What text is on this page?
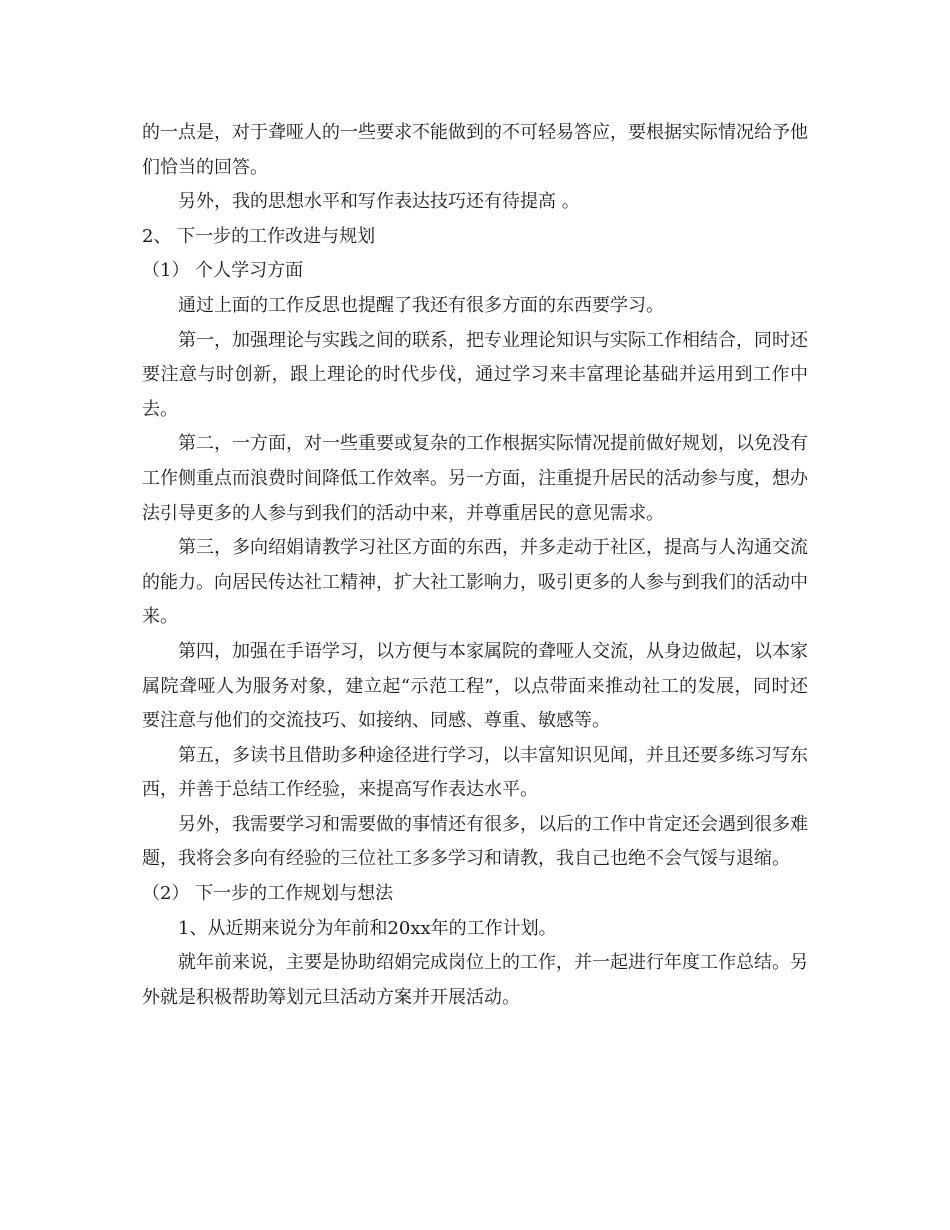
的一点是，对于聋哑人的一些要求不能做到的不可轻易答应，要根据实际情况给予他们恰当的回答。

另外，我的思想水平和写作表达技巧还有待提高 。

2、 下一步的工作改进与规划

（1） 个人学习方面

通过上面的工作反思也提醒了我还有很多方面的东西要学习。

第一，加强理论与实践之间的联系，把专业理论知识与实际工作相结合，同时还要注意与时创新，跟上理论的时代步伐，通过学习来丰富理论基础并运用到工作中去。

第二，一方面，对一些重要或复杂的工作根据实际情况提前做好规划，以免没有工作侧重点而浪费时间降低工作效率。另一方面，注重提升居民的活动参与度，想办法引导更多的人参与到我们的活动中来，并尊重居民的意见需求。

第三，多向绍娟请教学习社区方面的东西，并多走动于社区，提高与人沟通交流的能力。向居民传达社工精神，扩大社工影响力，吸引更多的人参与到我们的活动中来。

第四，加强在手语学习，以方便与本家属院的聋哑人交流，从身边做起，以本家属院聋哑人为服务对象，建立起“示范工程”，以点带面来推动社工的发展，同时还要注意与他们的交流技巧、如接纳、同感、尊重、敏感等。

第五，多读书且借助多种途径进行学习，以丰富知识见闻，并且还要多练习写东西，并善于总结工作经验，来提高写作表达水平。

另外，我需要学习和需要做的事情还有很多，以后的工作中肯定还会遇到很多难题，我将会多向有经验的三位社工多多学习和请教，我自己也绝不会气馁与退缩。

（2） 下一步的工作规划与想法

1、从近期来说分为年前和20xx年的工作计划。

就年前来说，主要是协助绍娟完成岗位上的工作，并一起进行年度工作总结。另外就是积极帮助筹划元旦活动方案并开展活动。
